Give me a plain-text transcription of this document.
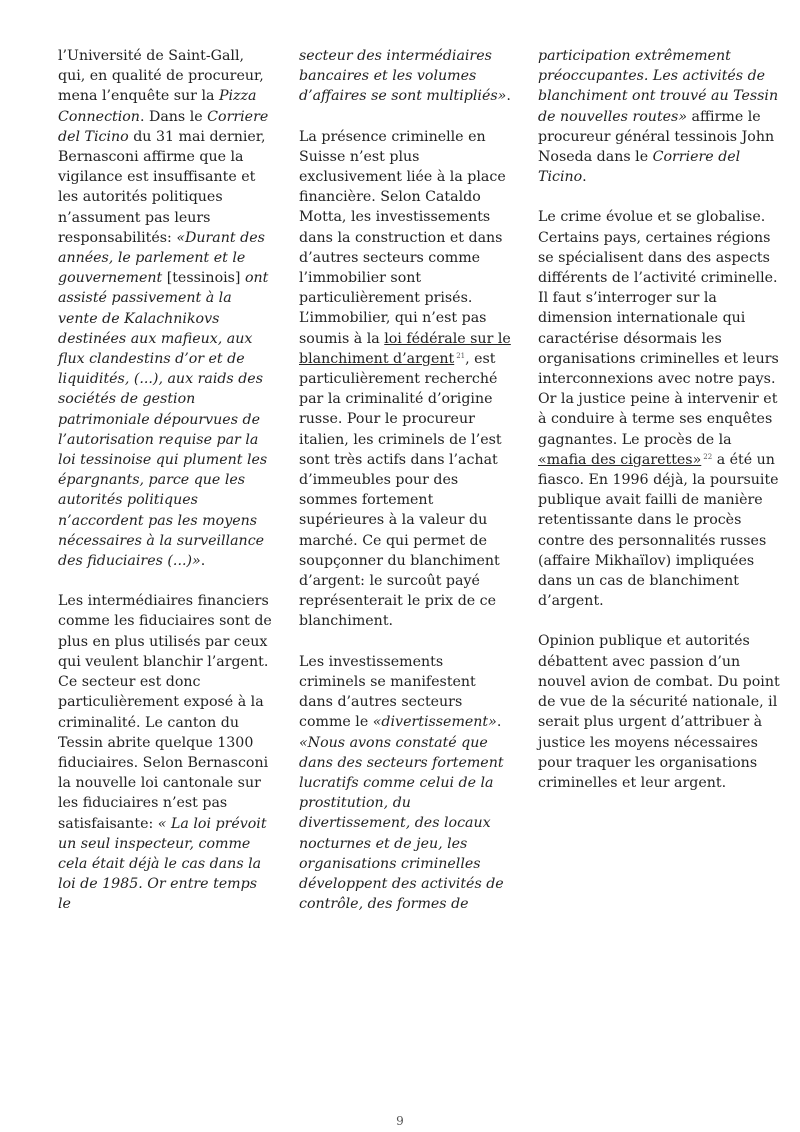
l’Université de Saint-Gall, qui, en qualité de procureur, mena l’enquête sur la Pizza Connection. Dans le Corriere del Ticino du 31 mai dernier, Bernasconi affirme que la vigilance est insuffisante et les autorités politiques n’assument pas leurs responsabilités: «Durant des années, le parlement et le gouvernement [tessinois] ont assisté passivement à la vente de Kalachnikovs destinées aux mafieux, aux flux clandestins d’or et de liquidités, (...), aux raids des sociétés de gestion patrimoniale dépourvues de l’autorisation requise par la loi tessinoise qui plument les épargnants, parce que les autorités politiques n’accordent pas les moyens nécessaires à la surveillance des fiduciaires (...)».

Les intermédiaires financiers comme les fiduciaires sont de plus en plus utilisés par ceux qui veulent blanchir l’argent. Ce secteur est donc particulièrement exposé à la criminalité. Le canton du Tessin abrite quelque 1300 fiduciaires. Selon Bernasconi la nouvelle loi cantonale sur les fiduciaires n’est pas satisfaisante: « La loi prévoit un seul inspecteur, comme cela était déjà le cas dans la loi de 1985. Or entre temps le

secteur des intermédiaires bancaires et les volumes d’affaires se sont multipliés».

La présence criminelle en Suisse n’est plus exclusivement liée à la place financière. Selon Cataldo Motta, les investissements dans la construction et dans d’autres secteurs comme l’immobilier sont particulièrement prisés. L’immobilier, qui n’est pas soumis à la loi fédérale sur le blanchiment d’argent $^{21}$, est particulièrement recherché par la criminalité d’origine russe. Pour le procureur italien, les criminels de l’est sont très actifs dans l’achat d’immeubles pour des sommes fortement supérieures à la valeur du marché. Ce qui permet de soupçonner du blanchiment d’argent: le surcoût payé représenterait le prix de ce blanchiment.

Les investissements criminels se manifestent dans d’autres secteurs comme le «divertissement». «Nous avons constaté que dans des secteurs fortement lucratifs comme celui de la prostitution, du divertissement, des locaux nocturnes et de jeu, les organisations criminelles développent des activités de contrôle, des formes de

participation extrêmement préoccupantes. Les activités de blanchiment ont trouvé au Tessin de nouvelles routes» affirme le procureur général tessinois John Noseda dans le Corriere del Ticino.

Le crime évolue et se globalise. Certains pays, certaines régions se spécialisent dans des aspects différents de l’activité criminelle. Il faut s’interroger sur la dimension internationale qui caractérise désormais les organisations criminelles et leurs interconnexions avec notre pays. Or la justice peine à intervenir et à conduire à terme ses enquêtes gagnantes. Le procès de la «mafia des cigarettes» $^{22}$ a été un fiasco. En 1996 déjà, la poursuite publique avait failli de manière retentissante dans le procès contre des personnalités russes (affaire Mikhaïlov) impliquées dans un cas de blanchiment d’argent.

Opinion publique et autorités débattent avec passion d’un nouvel avion de combat. Du point de vue de la sécurité nationale, il serait plus urgent d’attribuer à justice les moyens nécessaires pour traquer les organisations criminelles et leur argent.

9
